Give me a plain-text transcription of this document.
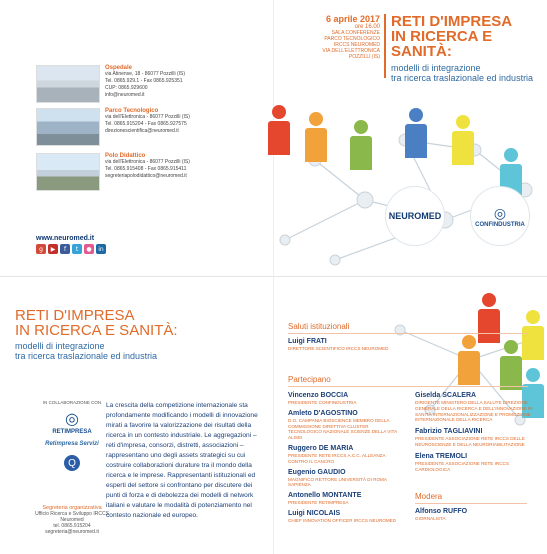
Ospedale
via Atinense, 18 - 86077 Pozzilli (IS)
Tel. 0865.929.1 - Fax 0865.925351
CUP: 0865.929600
info@neuromed.it
Parco Tecnologico
via dell'Elettronica - 86077 Pozzilli (IS)
Tel. 0865.915204 - Fax 0865.927575
direzionescientifica@neuromed.it
Polo Didattico
via dell'Elettronica - 86077 Pozzilli (IS)
Tel. 0865.915408 - Fax 0865.915411
segreteriapolodidattico@neuromed.it
www.neuromed.it
g	▶	f	t	●	in
6 aprile 2017
ore 16.00
SALA CONFERENZE
PARCO TECNOLOGICO
IRCCS NEUROMED
VIA DELL'ELETTRONICA
POZZILLI (IS)
RETI D'IMPRESA
IN RICERCA E SANITÀ:
modelli di integrazione
tra ricerca traslazionale ed industria
NEUROMED	◎
CONFINDUSTRIA
RETI D'IMPRESA
IN RICERCA E SANITÀ:
modelli di integrazione
tra ricerca traslazionale ed industria
IN COLLABORAZIONE CON
◎
RETIMPRESA
Retimpresa Servizi
Q
Segreteria organizzativa
Ufficio Ricerca e Sviluppo IRCCS Neuromed
tel. 0865.915204
segreteria@neuromed.it
La crescita della competizione internazionale sta profondamente modificando i modelli di innovazione mirati a favorire la valorizzazione dei risultati della ricerca in un contesto industriale. Le aggregazioni – reti d'impresa, consorzi, distretti, associazioni – rappresentano uno degli assets strategici su cui costruire collaborazioni durature tra il mondo della ricerca e le imprese. Rappresentanti istituzionali ed esperti del settore si confrontano per discutere dei punti di forza e di debolezza dei modelli di network italiani e valutare le modalità di potenziamento nel contesto nazionale ed europeo.
Saluti istituzionali
Luigi FRATI
DIRETTORE SCIENTIFICO IRCCS NEUROMED
Partecipano
Vincenzo BOCCIA
PRESIDENTE CONFINDUSTRIA
Amleto D'AGOSTINO
D.G. CAMPANIA BIOSCIENCE MEMBRO DELLA COMMISSIONE DIRETTIVA CLUSTER TECNOLOGICO NAZIONALE SCIENZE DELLA VITA ALISEI
Ruggero DE MARIA
PRESIDENTE RETE IRCCS A.C.C. ALLEANZA CONTRO IL CANCRO
Eugenio GAUDIO
MAGNIFICO RETTORE UNIVERSITÀ DI ROMA SAPIENZA
Antonello MONTANTE
PRESIDENTE RETIMPRESA
Luigi NICOLAIS
CHIEF INNOVATION OFFICER IRCCS NEUROMED
Giselda SCALERA
DIRIGENTE MINISTERO DELLA SALUTE DIREZIONE GENERALE DELLA RICERCA E DELL'INNOVAZIONE IN SANITÀ INTERNAZIONALIZZAZIONE E PROMOZIONE INTERNAZIONALE DELLA RICERCA
Fabrizio TAGLIAVINI
PRESIDENTE ASSOCIAZIONE RETE IRCCS DELLE NEUROSCIENZE E DELLA NEURORIABILITAZIONE
Elena TREMOLI
PRESIDENTE ASSOCIAZIONE RETE IRCCS CARDIOLOGICA
Modera
Alfonso RUFFO
GIORNALISTA
